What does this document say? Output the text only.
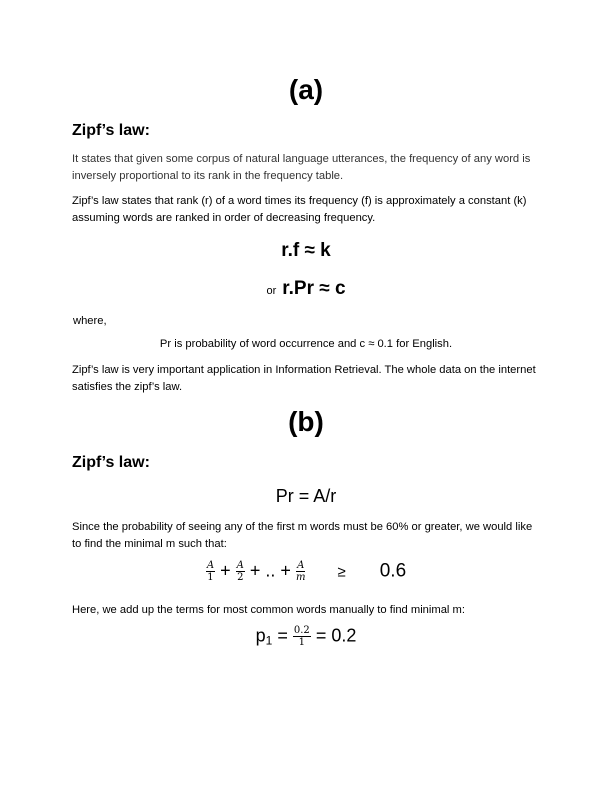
(a)
Zipf’s law:
It states that given some corpus of natural language utterances, the frequency of any word is inversely proportional to its rank in the frequency table.
Zipf’s law states that rank (r) of a word times its frequency (f) is approximately a constant (k) assuming words are ranked in order of decreasing frequency.
r.f ≈ k
or r.Pr ≈ c
where,
Pr is probability of word occurrence and c ≈ 0.1 for English.
Zipf’s law is very important application in Information Retrieval. The whole data on the internet satisfies the zipf’s law.
(b)
Zipf’s law:
Pr = A/r
Since the probability of seeing any of the first m words must be 60% or greater, we would like to find the minimal m such that:
$\frac{A}{1} + \frac{A}{2}$ + .. + $\frac{A}{m} \ge 0.6$
Here, we add up the terms for most common words manually to find minimal m:
$p_1 = \frac{0.2}{1} = 0.2$
